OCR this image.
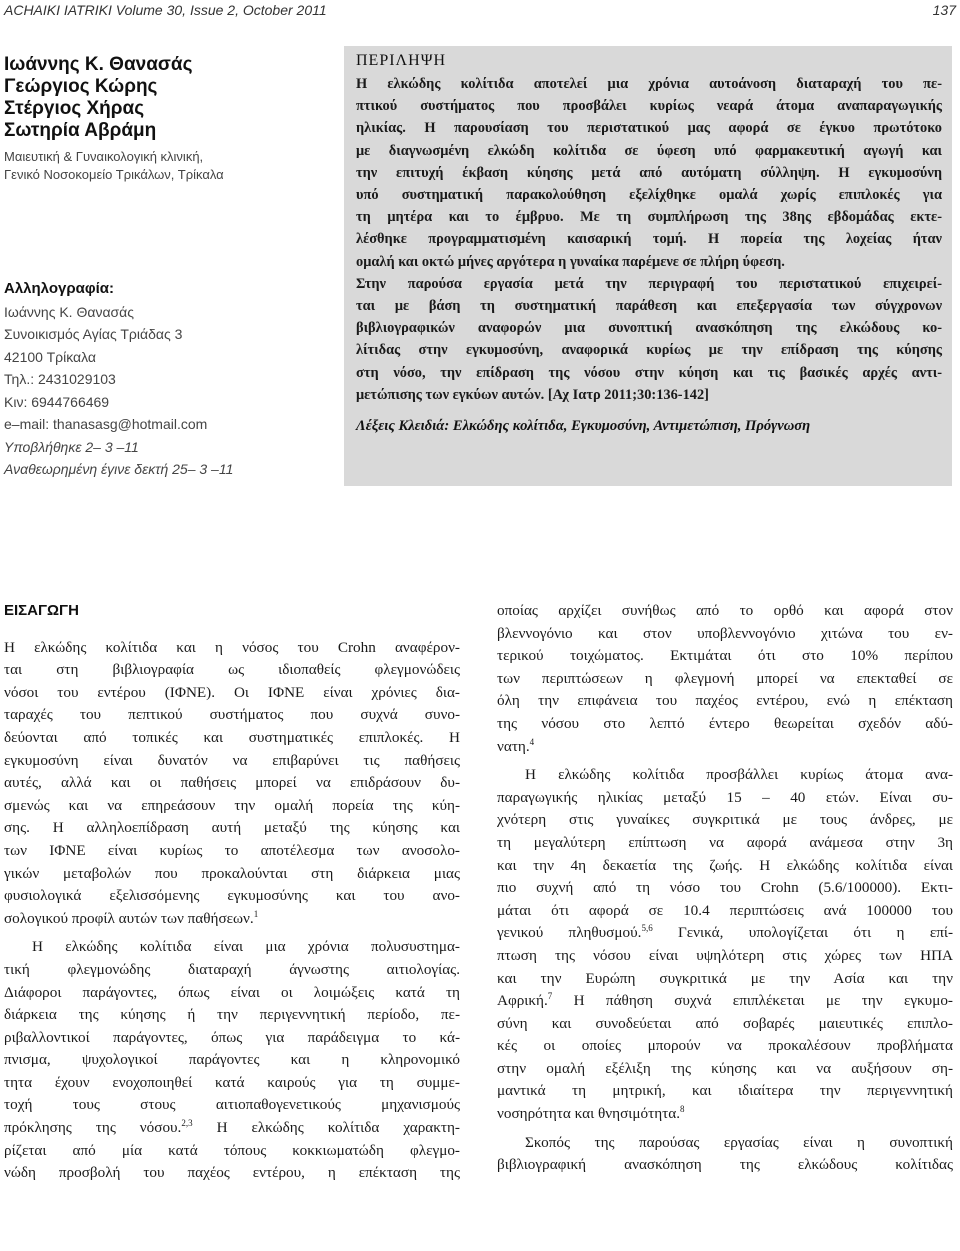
ACHAIKI IATRIKI Volume 30, Issue 2, October 2011	137
Ιωάννης Κ. Θανασάς
Γεώργιος Κώρης
Στέργιος Χήρας
Σωτηρία Αβράμη
Μαιευτική & Γυναικολογική κλινική,
Γενικό Νοσοκομείο Τρικάλων, Τρίκαλα
Αλληλογραφία:
Ιωάννης Κ. Θανασάς
Συνοικισμός Αγίας Τριάδας 3
42100 Τρίκαλα
Τηλ.: 2431029103
Κιν: 6944766469
e–mail: thanasasg@hotmail.com
Υποβλήθηκε 2– 3 –11
Αναθεωρημένη έγινε δεκτή 25– 3 –11
ΠΕΡΙΛΗΨΗ
Η ελκώδης κολίτιδα αποτελεί μια χρόνια αυτοάνοση διαταραχή του πε-
πτικού συστήματος που προσβάλει κυρίως νεαρά άτομα αναπαραγωγικής
ηλικίας. Η παρουσίαση του περιστατικού μας αφορά σε έγκυο πρωτότοκο
με διαγνωσμένη ελκώδη κολίτιδα σε ύφεση υπό φαρμακευτική αγωγή και
την επιτυχή έκβαση κύησης μετά από αυτόματη σύλληψη. Η εγκυμοσύνη
υπό συστηματική παρακολούθηση εξελίχθηκε ομαλά χωρίς επιπλοκές για
τη μητέρα και το έμβρυο. Με τη συμπλήρωση της 38ης εβδομάδας εκτε-
λέσθηκε προγραμματισμένη καισαρική τομή. Η πορεία της λοχείας ήταν
ομαλή και οκτώ μήνες αργότερα η γυναίκα παρέμενε σε πλήρη ύφεση.
Στην παρούσα εργασία μετά την περιγραφή του περιστατικού επιχειρεί-
ται με βάση τη συστηματική παράθεση και επεξεργασία των σύγχρονων
βιβλιογραφικών αναφορών μια συνοπτική ανασκόπηση της ελκώδους κο-
λίτιδας στην εγκυμοσύνη, αναφορικά κυρίως με την επίδραση της κύησης
στη νόσο, την επίδραση της νόσου στην κύηση και τις βασικές αρχές αντι-
μετώπισης των εγκύων αυτών. [Αχ Ιατρ 2011;30:136-142]
Λέξεις Κλειδιά: Ελκώδης κολίτιδα, Εγκυμοσύνη, Αντιμετώπιση, Πρόγνωση
ΕΙΣΑΓΩΓΗ
Η ελκώδης κολίτιδα και η νόσος του Crohn αναφέρον-
ται στη βιβλιογραφία ως ιδιοπαθείς φλεγμονώδεις
νόσοι του εντέρου (ΙΦΝΕ). Οι ΙΦΝΕ είναι χρόνιες δια-
ταραχές του πεπτικού συστήματος που συχνά συνο-
δεύονται από τοπικές και συστηματικές επιπλοκές. Η
εγκυμοσύνη είναι δυνατόν να επιβαρύνει τις παθήσεις
αυτές, αλλά και οι παθήσεις μπορεί να επιδράσουν δυ-
σμενώς και να επηρεάσουν την ομαλή πορεία της κύη-
σης. Η αλληλοεπίδραση αυτή μεταξύ της κύησης και
των ΙΦΝΕ είναι κυρίως το αποτέλεσμα των ανοσολο-
γικών μεταβολών που προκαλούνται στη διάρκεια μιας
φυσιολογικά εξελισσόμενης εγκυμοσύνης και του ανο-
σολογικού προφίλ αυτών των παθήσεων.$^1$
Η ελκώδης κολίτιδα είναι μια χρόνια πολυσυστημα-
τική φλεγμονώδης διαταραχή άγνωστης αιτιολογίας.
Διάφοροι παράγοντες, όπως είναι οι λοιμώξεις κατά τη
διάρκεια της κύησης ή την περιγεννητική περίοδο, πε-
ριβαλλοντικοί παράγοντες, όπως για παράδειγμα το κά-
πνισμα, ψυχολογικοί παράγοντες και η κληρονομικό
τητα έχουν ενοχοποιηθεί κατά καιρούς για τη συμμε-
τοχή τους στους αιτιοπαθογενετικούς μηχανισμούς
πρόκλησης της νόσου.$^{2,3}$ Η ελκώδης κολίτιδα χαρακτη-
ρίζεται από μία κατά τόπους κοκκιωματώδη φλεγμο-
νώδη προσβολή του παχέος εντέρου, η επέκταση της
οποίας αρχίζει συνήθως από το ορθό και αφορά στον
βλεννογόνιο και στον υποβλεννογόνιο χιτώνα του εν-
τερικού τοιχώματος. Εκτιμάται ότι στο 10% περίπου
των περιπτώσεων η φλεγμονή μπορεί να επεκταθεί σε
όλη την επιφάνεια του παχέος εντέρου, ενώ η επέκταση
της νόσου στο λεπτό έντερο θεωρείται σχεδόν αδύ-
νατη.$^4$
Η ελκώδης κολίτιδα προσβάλλει κυρίως άτομα ανα-
παραγωγικής ηλικίας μεταξύ 15 – 40 ετών. Είναι συ-
χνότερη στις γυναίκες συγκριτικά με τους άνδρες, με
τη μεγαλύτερη επίπτωση να αφορά ανάμεσα στην 3η
και την 4η δεκαετία της ζωής. Η ελκώδης κολίτιδα είναι
πιο συχνή από τη νόσο του Crohn (5.6/100000). Εκτι-
μάται ότι αφορά σε 10.4 περιπτώσεις ανά 100000 του
γενικού πληθυσμού.$^{5,6}$ Γενικά, υπολογίζεται ότι η επί-
πτωση της νόσου είναι υψηλότερη στις χώρες των ΗΠΑ
και την Ευρώπη συγκριτικά με την Ασία και την
Αφρική.$^7$ Η πάθηση συχνά επιπλέκεται με την εγκυμο-
σύνη και συνοδεύεται από σοβαρές μαιευτικές επιπλο-
κές οι οποίες μπορούν να προκαλέσουν προβλήματα
στην ομαλή εξέλιξη της κύησης και να αυξήσουν ση-
μαντικά τη μητρική, και ιδιαίτερα την περιγεννητική
νοσηρότητα και θνησιμότητα.$^8$
Σκοπός της παρούσας εργασίας είναι η συνοπτική
βιβλιογραφική ανασκόπηση της ελκώδους κολίτιδας
